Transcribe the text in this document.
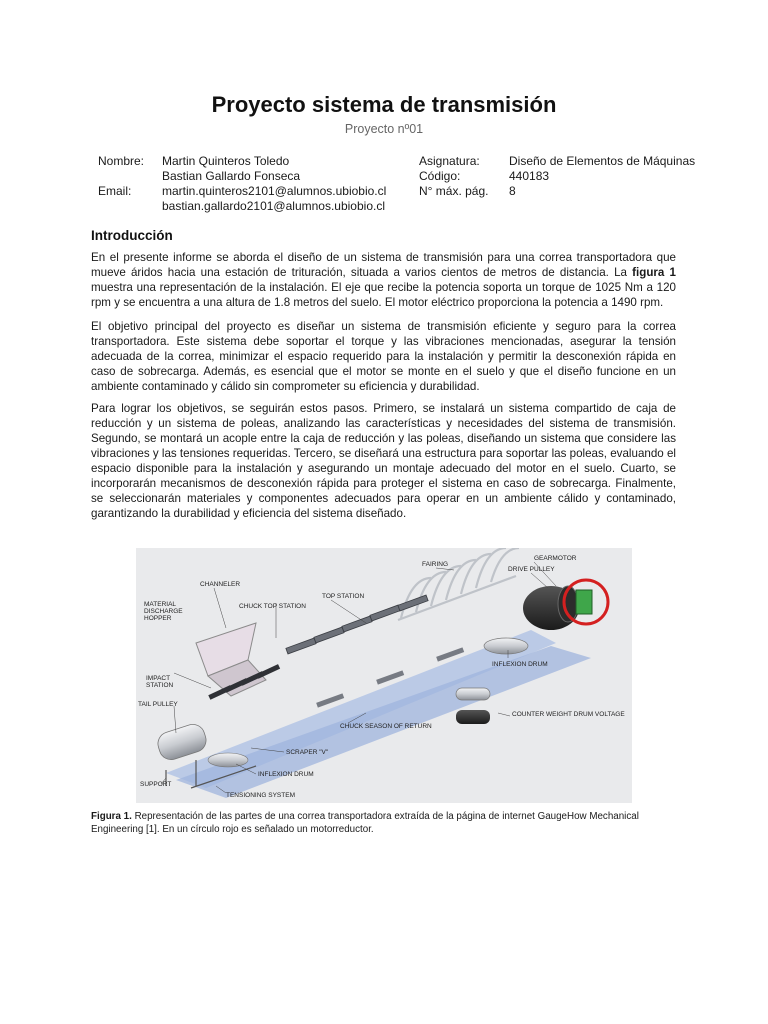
Proyecto sistema de transmisión
Proyecto nº01
Nombre: Martin Quinteros Toledo
Bastian Gallardo Fonseca
Email:	martin.quinteros2101@alumnos.ubiobio.cl
bastian.gallardo2101@alumnos.ubiobio.cl
Asignatura: Diseño de Elementos de Máquinas
Código:	440183
N° máx. pág. 8
Introducción
En el presente informe se aborda el diseño de un sistema de transmisión para una correa transportadora que mueve áridos hacia una estación de trituración, situada a varios cientos de metros de distancia. La figura 1 muestra una representación de la instalación. El eje que recibe la potencia soporta un torque de 1025 Nm a 120 rpm y se encuentra a una altura de 1.8 metros del suelo. El motor eléctrico proporciona la potencia a 1490 rpm.
El objetivo principal del proyecto es diseñar un sistema de transmisión eficiente y seguro para la correa transportadora. Este sistema debe soportar el torque y las vibraciones mencionadas, asegurar la tensión adecuada de la correa, minimizar el espacio requerido para la instalación y permitir la desconexión rápida en caso de sobrecarga. Además, es esencial que el motor se monte en el suelo y que el diseño funcione en un ambiente contaminado y cálido sin comprometer su eficiencia y durabilidad.
Para lograr los objetivos, se seguirán estos pasos. Primero, se instalará un sistema compartido de caja de reducción y un sistema de poleas, analizando las características y necesidades del sistema de transmisión. Segundo, se montará un acople entre la caja de reducción y las poleas, diseñando un sistema que considere las vibraciones y las tensiones requeridas. Tercero, se diseñará una estructura para soportar las poleas, evaluando el espacio disponible para la instalación y asegurando un montaje adecuado del motor en el suelo. Cuarto, se incorporarán mecanismos de desconexión rápida para proteger el sistema en caso de sobrecarga. Finalmente, se seleccionarán materiales y componentes adecuados para operar en un ambiente cálido y contaminado, garantizando la durabilidad y eficiencia del sistema diseñado.
FAIRING
GEARMOTOR
DRIVE PULLEY
CHANNELER
TOP STATION
MATERIAL
DISCHARGE
HOPPER
CHUCK TOP STATION
IMPACT
STATION
INFLEXION DRUM
TAIL PULLEY
COUNTER WEIGHT DRUM VOLTAGE
CHUCK SEASON OF RETURN
SCRAPER "V"
INFLEXION DRUM
SUPPORT
TENSIONING SYSTEM
Figura 1. Representación de las partes de una correa transportadora extraída de la página de internet GaugeHow Mechanical Engineering [1]. En un círculo rojo es señalado un motorreductor.
